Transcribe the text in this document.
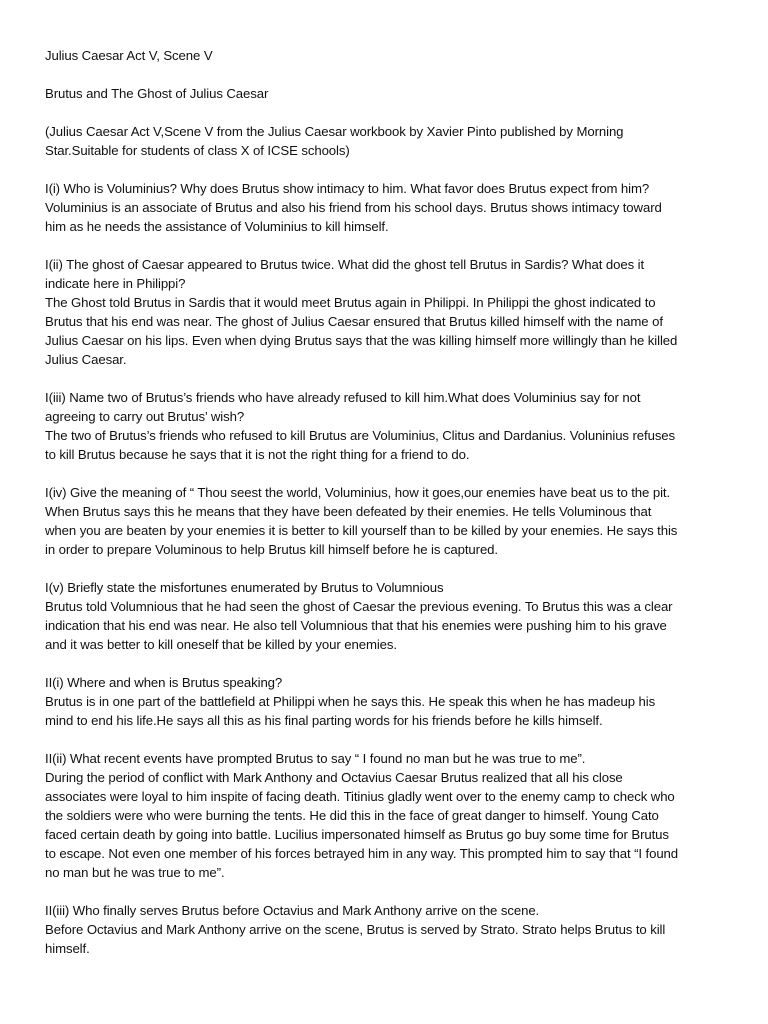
Julius Caesar Act V, Scene V
Brutus and The Ghost of Julius Caesar
(Julius Caesar Act V,Scene V from the Julius Caesar workbook by Xavier Pinto published by Morning
Star.Suitable for students of class X of ICSE schools)
I(i) Who is Voluminius? Why does Brutus show intimacy to him. What favor does Brutus expect from him?
Voluminius is an associate of Brutus and also his friend from his school days. Brutus shows intimacy toward
him as he needs the assistance of Voluminius to kill himself.
I(ii) The ghost of Caesar appeared to Brutus twice. What did the ghost tell Brutus in Sardis? What does it
indicate here in Philippi?
The Ghost told Brutus in Sardis that it would meet Brutus again in Philippi. In Philippi the ghost indicated to
Brutus that his end was near. The ghost of Julius Caesar ensured that Brutus killed himself with the name of
Julius Caesar on his lips. Even when dying Brutus says that the was killing himself more willingly than he killed
Julius Caesar.
I(iii) Name two of Brutus’s friends who have already refused to kill him.What does Voluminius say for not
agreeing to carry out Brutus’ wish?
The two of Brutus’s friends who refused to kill Brutus are Voluminius, Clitus and Dardanius. Voluninius refuses
to kill Brutus because he says that it is not the right thing for a friend to do.
I(iv) Give the meaning of “ Thou seest the world, Voluminius, how it goes,our enemies have beat us to the pit.
When Brutus says this he means that they have been defeated by their enemies. He tells Voluminous that
when you are beaten by your enemies it is better to kill yourself than to be killed by your enemies. He says this
in order to prepare Voluminous to help Brutus kill himself before he is captured.
I(v) Briefly state the misfortunes enumerated by Brutus to Volumnious
Brutus told Volumnious that he had seen the ghost of Caesar the previous evening. To Brutus this was a clear
indication that his end was near. He also tell Volumnious that that his enemies were pushing him to his grave
and it was better to kill oneself that be killed by your enemies.
II(i) Where and when is Brutus speaking?
Brutus is in one part of the battlefield at Philippi when he says this. He speak this when he has madeup his
mind to end his life.He says all this as his final parting words for his friends before he kills himself.
II(ii) What recent events have prompted Brutus to say “ I found no man but he was true to me”.
During the period of conflict with Mark Anthony and Octavius Caesar Brutus realized that all his close
associates were loyal to him inspite of facing death. Titinius gladly went over to the enemy camp to check who
the soldiers were who were burning the tents. He did this in the face of great danger to himself. Young Cato
faced certain death by going into battle. Lucilius impersonated himself as Brutus go buy some time for Brutus
to escape. Not even one member of his forces betrayed him in any way. This prompted him to say that “I found
no man but he was true to me”.
II(iii) Who finally serves Brutus before Octavius and Mark Anthony arrive on the scene.
Before Octavius and Mark Anthony arrive on the scene, Brutus is served by Strato. Strato helps Brutus to kill
himself.
